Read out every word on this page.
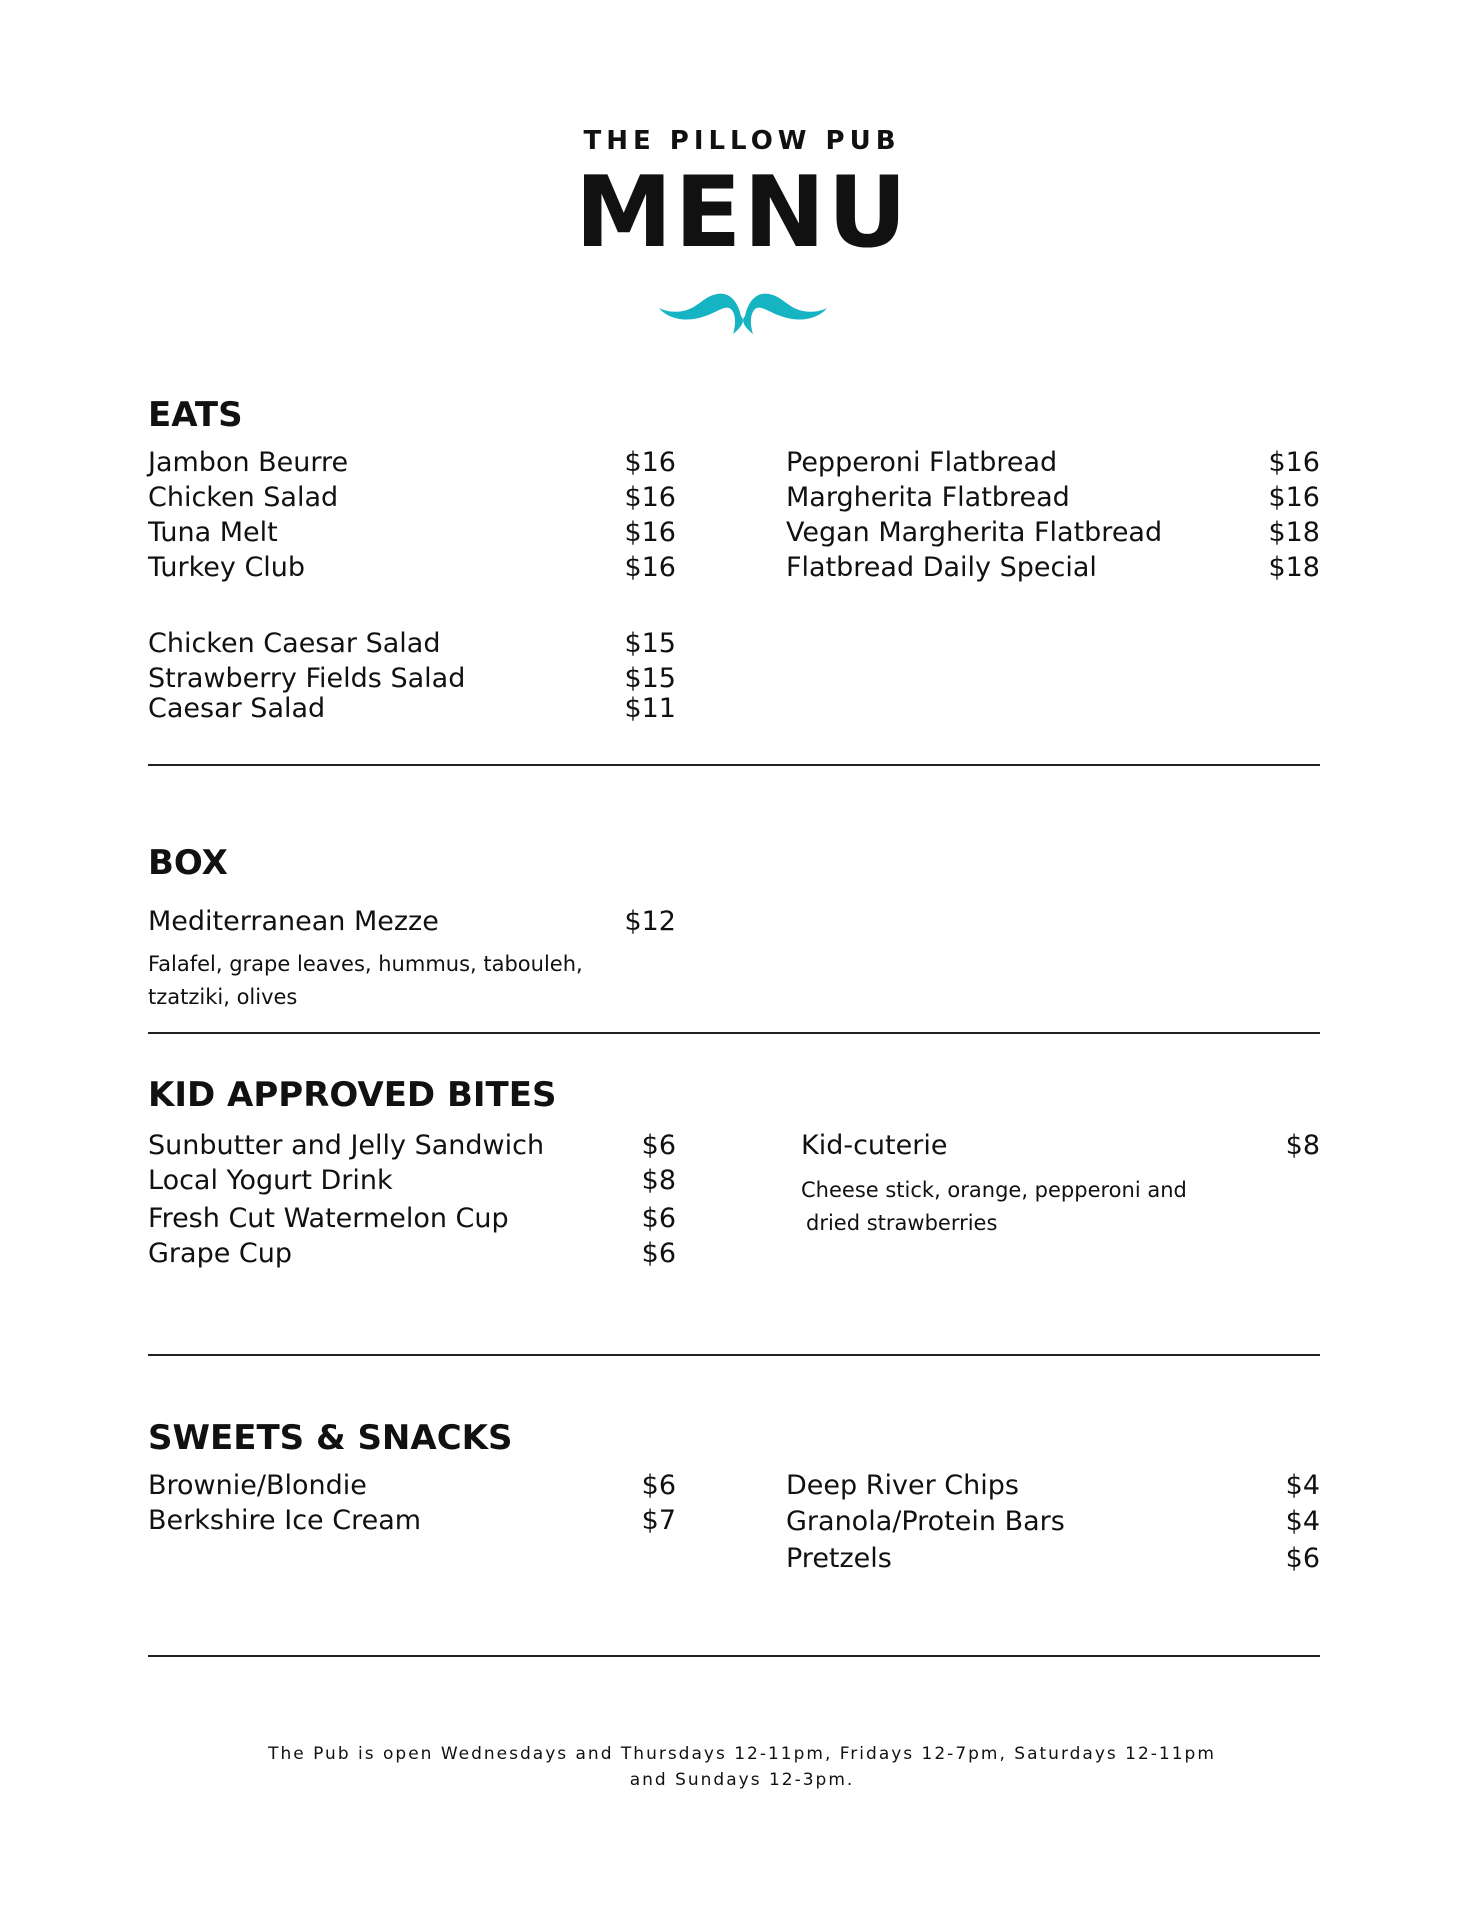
THE PILLOW PUB
MENU
EATS
Jambon Beurre	$16
Chicken Salad	$16
Tuna Melt	$16
Turkey Club	$16
Chicken Caesar Salad	$15
Strawberry Fields Salad	$15
Caesar Salad	$11
Pepperoni Flatbread	$16
Margherita Flatbread	$16
Vegan Margherita Flatbread	$18
Flatbread Daily Special	$18
BOX
Mediterranean Mezze	$12
Falafel, grape leaves, hummus, tabouleh,
tzatziki, olives
KID APPROVED BITES
Sunbutter and Jelly Sandwich	$6
Local Yogurt Drink	$8
Fresh Cut Watermelon Cup	$6
Grape Cup	$6
Kid-cuterie	$8
Cheese stick, orange, pepperoni and
dried strawberries
SWEETS & SNACKS
Brownie/Blondie	$6
Berkshire Ice Cream	$7
Deep River Chips	$4
Granola/Protein Bars	$4
Pretzels	$6
The Pub is open Wednesdays and Thursdays 12-11pm, Fridays 12-7pm, Saturdays 12-11pm
and Sundays 12-3pm.
